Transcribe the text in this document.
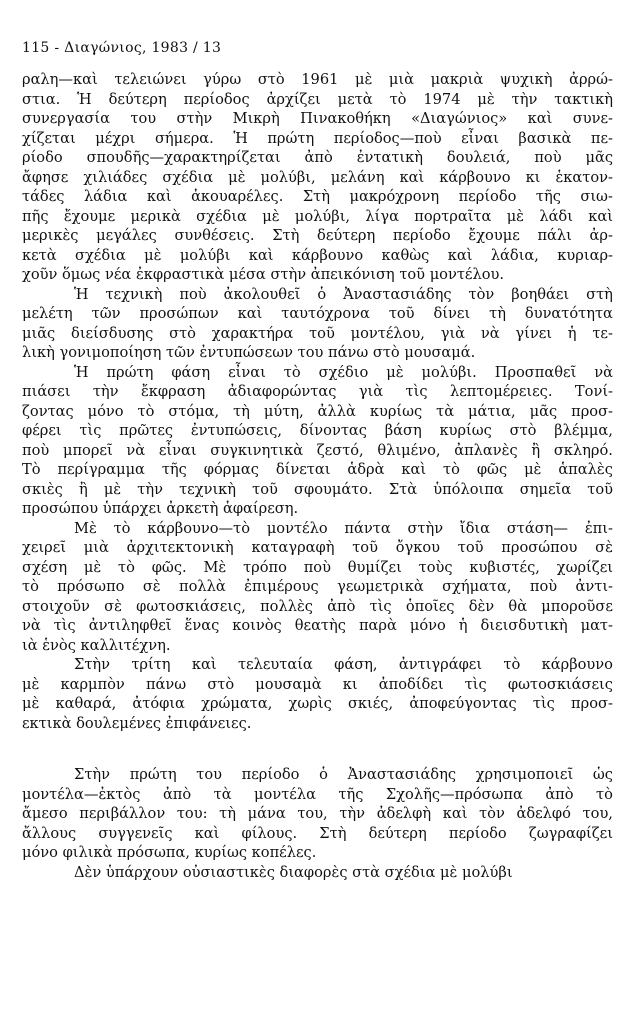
115 - Διαγώνιος, 1983 / 13
ραλη—καὶ τελειώνει γύρω στὸ 1961 μὲ μιὰ μακριὰ ψυχικὴ ἀρρώ-
στια. Ἡ δεύτερη περίοδος ἀρχίζει μετὰ τὸ 1974 μὲ τὴν τακτικὴ
συνεργασία του στὴν Μικρὴ Πινακοθήκη «Διαγώνιος» καὶ συνε-
χίζεται μέχρι σήμερα. Ἡ πρώτη περίοδος—ποὺ εἶναι βασικὰ πε-
ρίοδο σπουδῆς—χαρακτηρίζεται ἀπὸ ἐντατικὴ δουλειά, ποὺ μᾶς
ἄφησε χιλιάδες σχέδια μὲ μολύβι, μελάνη καὶ κάρβουνο κι ἑκατον-
τάδες λάδια καὶ ἀκουαρέλες. Στὴ μακρόχρονη περίοδο τῆς σιω-
πῆς ἔχουμε μερικὰ σχέδια μὲ μολύβι, λίγα πορτραῖτα μὲ λάδι καὶ
μερικὲς μεγάλες συνθέσεις. Στὴ δεύτερη περίοδο ἔχουμε πάλι ἀρ-
κετὰ σχέδια μὲ μολύβι καὶ κάρβουνο καθὼς καὶ λάδια, κυριαρ-
χοῦν ὅμως νέα ἐκφραστικὰ μέσα στὴν ἀπεικόνιση τοῦ μοντέλου.
Ἡ τεχνικὴ ποὺ ἀκολουθεῖ ὁ Ἀναστασιάδης τὸν βοηθάει στὴ
μελέτη τῶν προσώπων καὶ ταυτόχρονα τοῦ δίνει τὴ δυνατότητα
μιᾶς διείσδυσης στὸ χαρακτήρα τοῦ μοντέλου, γιὰ νὰ γίνει ἡ τε-
λικὴ γονιμοποίηση τῶν ἐντυπώσεων του πάνω στὸ μουσαμά.
Ἡ πρώτη φάση εἶναι τὸ σχέδιο μὲ μολύβι. Προσπαθεῖ νὰ
πιάσει τὴν ἔκφραση ἀδιαφορώντας γιὰ τὶς λεπτομέρειες. Τονί-
ζοντας μόνο τὸ στόμα, τὴ μύτη, ἀλλὰ κυρίως τὰ μάτια, μᾶς προσ-
φέρει τὶς πρῶτες ἐντυπώσεις, δίνοντας βάση κυρίως στὸ βλέμμα,
ποὺ μπορεῖ νὰ εἶναι συγκινητικὰ ζεστό, θλιμένο, ἀπλανὲς ἢ σκληρό.
Τὸ περίγραμμα τῆς φόρμας δίνεται ἁδρὰ καὶ τὸ φῶς μὲ ἁπαλὲς
σκιὲς ἢ μὲ τὴν τεχνικὴ τοῦ σφουμάτο. Στὰ ὑπόλοιπα σημεῖα τοῦ
προσώπου ὑπάρχει ἀρκετὴ ἀφαίρεση.
Μὲ τὸ κάρβουνο—τὸ μοντέλο πάντα στὴν ἴδια στάση— ἐπι-
χειρεῖ μιὰ ἀρχιτεκτονικὴ καταγραφὴ τοῦ ὄγκου τοῦ προσώπου σὲ
σχέση μὲ τὸ φῶς. Μὲ τρόπο ποὺ θυμίζει τοὺς κυβιστές, χωρίζει
τὸ πρόσωπο σὲ πολλὰ ἐπιμέρους γεωμετρικὰ σχήματα, ποὺ ἀντι-
στοιχοῦν σὲ φωτοσκιάσεις, πολλὲς ἀπὸ τὶς ὁποῖες δὲν θὰ μποροῦσε
νὰ τὶς ἀντιληφθεῖ ἕνας κοινὸς θεατὴς παρὰ μόνο ἡ διεισδυτικὴ ματ-
ιὰ ἑνὸς καλλιτέχνη.
Στὴν τρίτη καὶ τελευταία φάση, ἀντιγράφει τὸ κάρβουνο
μὲ καρμπὸν πάνω στὸ μουσαμὰ κι ἀποδίδει τὶς φωτοσκιάσεις
μὲ καθαρά, ἀτόφια χρώματα, χωρὶς σκιές, ἀποφεύγοντας τὶς προσ-
εκτικὰ δουλεμένες ἐπιφάνειες.
Στὴν πρώτη του περίοδο ὁ Ἀναστασιάδης χρησιμοποιεῖ ὡς
μοντέλα—ἐκτὸς ἀπὸ τὰ μοντέλα τῆς Σχολῆς—πρόσωπα ἀπὸ τὸ
ἄμεσο περιβάλλον του: τὴ μάνα του, τὴν ἀδελφὴ καὶ τὸν ἀδελφό του,
ἄλλους συγγενεῖς καὶ φίλους. Στὴ δεύτερη περίοδο ζωγραφίζει
μόνο φιλικὰ πρόσωπα, κυρίως κοπέλες.
Δὲν ὑπάρχουν οὐσιαστικὲς διαφορὲς στὰ σχέδια μὲ μολύβι
